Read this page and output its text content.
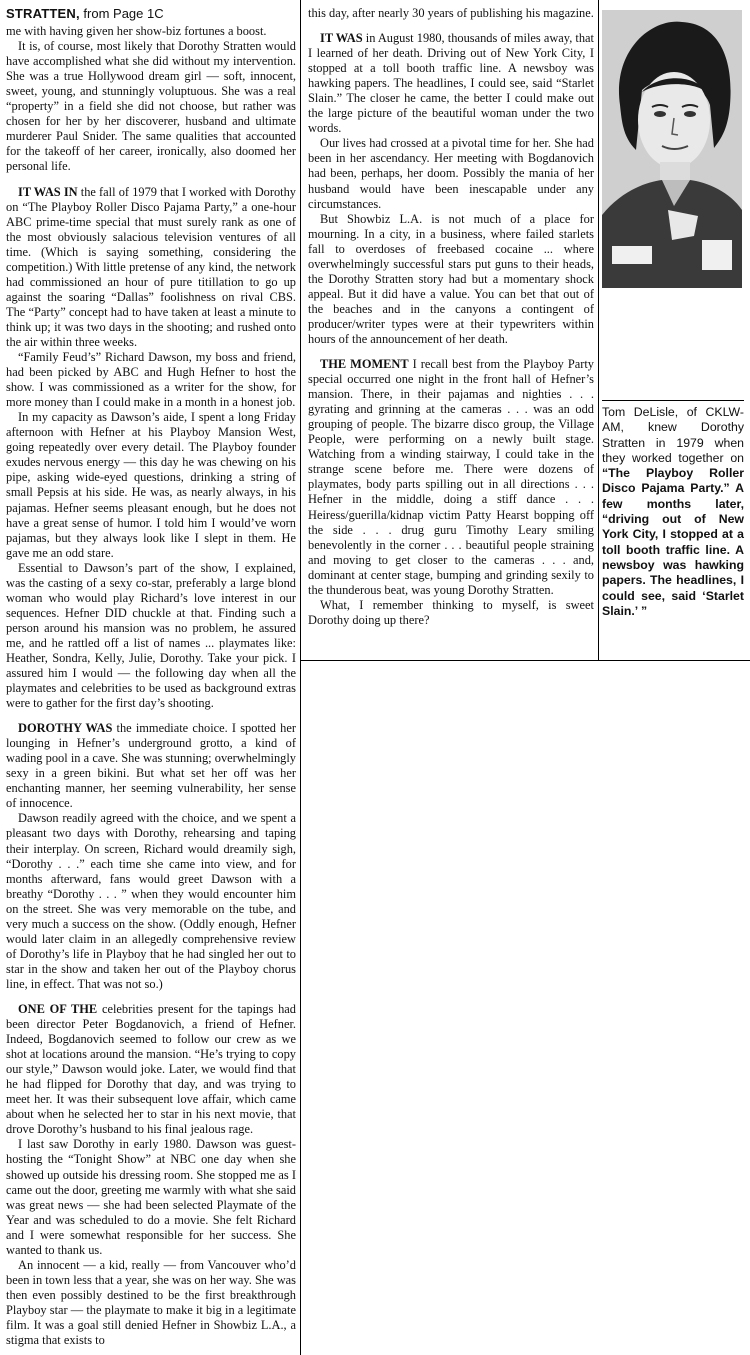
STRATTEN, from Page 1C

me with having given her show-biz fortunes a boost.

It is, of course, most likely that Dorothy Stratten would have accomplished what she did without my intervention. She was a true Hollywood dream girl — soft, innocent, sweet, young, and stunningly voluptuous. She was a real “property” in a field she did not choose, but rather was chosen for her by her discoverer, husband and ultimate murderer Paul Snider. The same qualities that accounted for the takeoff of her career, ironically, also doomed her personal life.

IT WAS IN the fall of 1979 that I worked with Dorothy on “The Playboy Roller Disco Pajama Party,” a one-hour ABC prime-time special that must surely rank as one of the most obviously salacious television ventures of all time. (Which is saying something, considering the competition.) With little pretense of any kind, the network had commissioned an hour of pure titillation to go up against the soaring “Dallas” foolishness on rival CBS. The “Party” concept had to have taken at least a minute to think up; it was two days in the shooting; and rushed onto the air within three weeks.

“Family Feud’s” Richard Dawson, my boss and friend, had been picked by ABC and Hugh Hefner to host the show. I was commissioned as a writer for the show, for more money than I could make in a month in a honest job.

In my capacity as Dawson’s aide, I spent a long Friday afternoon with Hefner at his Playboy Mansion West, going repeatedly over every detail. The Playboy founder exudes nervous energy — this day he was chewing on his pipe, asking wide-eyed questions, drinking a string of small Pepsis at his side. He was, as nearly always, in his pajamas. Hefner seems pleasant enough, but he does not have a great sense of humor. I told him I would’ve worn pajamas, but they always look like I slept in them. He gave me an odd stare.

Essential to Dawson’s part of the show, I explained, was the casting of a sexy co-star, preferably a large blond woman who would play Richard’s love interest in our sequences. Hefner DID chuckle at that. Finding such a person around his mansion was no problem, he assured me, and he rattled off a list of names ... playmates like: Heather, Sondra, Kelly, Julie, Dorothy. Take your pick. I assured him I would — the following day when all the playmates and celebrities to be used as background extras were to gather for the first day’s shooting.

DOROTHY WAS the immediate choice. I spotted her lounging in Hefner’s underground grotto, a kind of wading pool in a cave. She was stunning; overwhelmingly sexy in a green bikini. But what set her off was her enchanting manner, her seeming vulnerability, her sense of innocence.

Dawson readily agreed with the choice, and we spent a pleasant two days with Dorothy, rehearsing and taping their interplay. On screen, Richard would dreamily sigh, “Dorothy . . .” each time she came into view, and for months afterward, fans would greet Dawson with a breathy “Dorothy . . . ” when they would encounter him on the street. She was very memorable on the tube, and very much a success on the show. (Oddly enough, Hefner would later claim in an allegedly comprehensive review of Dorothy’s life in Playboy that he had singled her out to star in the show and taken her out of the Playboy chorus line, in effect. That was not so.)

ONE OF THE celebrities present for the tapings had been director Peter Bogdanovich, a friend of Hefner. Indeed, Bogdanovich seemed to follow our crew as we shot at locations around the mansion. “He’s trying to copy our style,” Dawson would joke. Later, we would find that he had flipped for Dorothy that day, and was trying to meet her. It was their subsequent love affair, which came about when he selected her to star in his next movie, that drove Dorothy’s husband to his final jealous rage.

I last saw Dorothy in early 1980. Dawson was guest-hosting the “Tonight Show” at NBC one day when she showed up outside his dressing room. She stopped me as I came out the door, greeting me warmly with what she said was great news — she had been selected Playmate of the Year and was scheduled to do a movie. She felt Richard and I were somewhat responsible for her success. She wanted to thank us.

An innocent — a kid, really — from Vancouver who’d been in town less that a year, she was on her way. She was then even possibly destined to be the first breakthrough Playboy star — the playmate to make it big in a legitimate film. It was a goal still denied Hefner in Showbiz L.A., a stigma that exists to

this day, after nearly 30 years of publishing his magazine.

IT WAS in August 1980, thousands of miles away, that I learned of her death. Driving out of New York City, I stopped at a toll booth traffic line. A newsboy was hawking papers. The headlines, I could see, said “Starlet Slain.” The closer he came, the better I could make out the large picture of the beautiful woman under the two words.

Our lives had crossed at a pivotal time for her. She had been in her ascendancy. Her meeting with Bogdanovich had been, perhaps, her doom. Possibly the mania of her husband would have been inescapable under any circumstances.

But Showbiz L.A. is not much of a place for mourning. In a city, in a business, where failed starlets fall to overdoses of freebased cocaine ... where overwhelmingly successful stars put guns to their heads, the Dorothy Stratten story had but a momentary shock appeal. But it did have a value. You can bet that out of the beaches and in the canyons a contingent of producer/writer types were at their typewriters within hours of the announcement of her death.

THE MOMENT I recall best from the Playboy Party special occurred one night in the front hall of Hefner’s mansion. There, in their pajamas and nighties . . . gyrating and grinning at the cameras . . . was an odd grouping of people. The bizarre disco group, the Village People, were performing on a newly built stage. Watching from a winding stairway, I could take in the strange scene before me. There were dozens of playmates, body parts spilling out in all directions . . . Hefner in the middle, doing a stiff dance . . . Heiress/guerilla/kidnap victim Patty Hearst bopping off the side . . . drug guru Timothy Leary smiling benevolently in the corner . . . beautiful people straining and moving to get closer to the cameras . . . and, dominant at center stage, bumping and grinding sexily to the thunderous beat, was young Dorothy Stratten.

What, I remember thinking to myself, is sweet Dorothy doing up there?

Tom DeLisle, of CKLW-AM, knew Dorothy Stratten in 1979 when they worked together on “The Playboy Roller Disco Pajama Party.” A few months later, “driving out of New York City, I stopped at a toll booth traffic line. A newsboy was hawking papers. The headlines, I could see, said ‘Starlet Slain.’ ”
